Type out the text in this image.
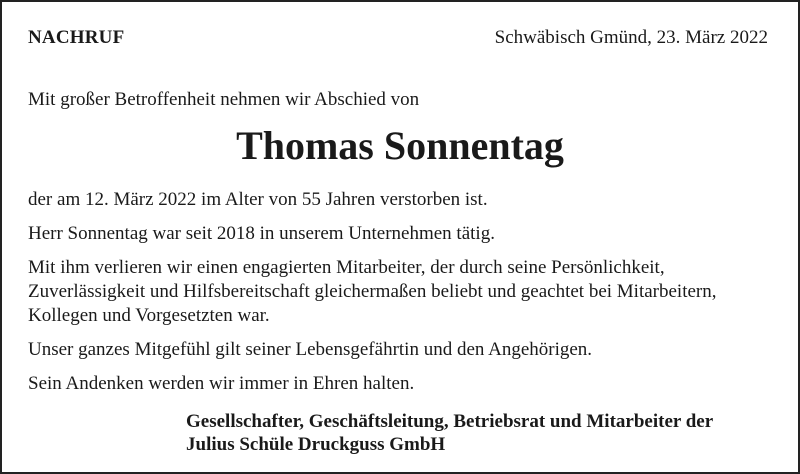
NACHRUF	Schwäbisch Gmünd, 23. März 2022
Mit großer Betroffenheit nehmen wir Abschied von
Thomas Sonnentag

der am 12. März 2022 im Alter von 55 Jahren verstorben ist.

Herr Sonnentag war seit 2018 in unserem Unternehmen tätig.

Mit ihm verlieren wir einen engagierten Mitarbeiter, der durch seine Persönlichkeit, Zuverlässigkeit und Hilfsbereitschaft gleichermaßen beliebt und geachtet bei Mitarbeitern, Kollegen und Vorgesetzten war.

Unser ganzes Mitgefühl gilt seiner Lebensgefährtin und den Angehörigen.

Sein Andenken werden wir immer in Ehren halten.

Gesellschafter, Geschäftsleitung, Betriebsrat und Mitarbeiter der
Julius Schüle Druckguss GmbH
